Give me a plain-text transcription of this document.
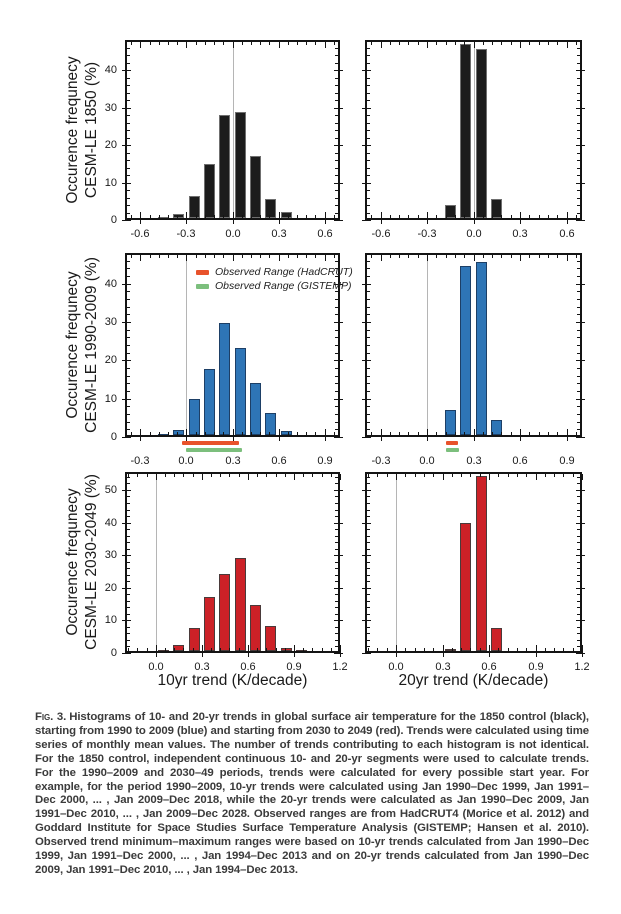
Occurence frequnecy CESM-LE 1850 (%)
Occurence frequnecy CESM-LE 1990-2009 (%)
Occurence frequnecy CESM-LE 2030-2049 (%)
Observed Range (HadCRUT)
Observed Range (GISTEMP)
10yr trend (K/decade)	20yr trend (K/decade)
Fig. 3. Histograms of 10- and 20-yr trends in global surface air temperature for the 1850 control (black), starting from 1990 to 2009 (blue) and starting from 2030 to 2049 (red). Trends were calculated using time series of monthly mean values. The number of trends contributing to each histogram is not identical. For the 1850 control, independent continuous 10- and 20-yr segments were used to calculate trends. For the 1990–2009 and 2030–49 periods, trends were calculated for every possible start year. For example, for the period 1990–2009, 10-yr trends were calculated using Jan 1990–Dec 1999, Jan 1991–Dec 2000, ... , Jan 2009–Dec 2018, while the 20-yr trends were calculated as Jan 1990–Dec 2009, Jan 1991–Dec 2010, ... , Jan 2009–Dec 2028. Observed ranges are from HadCRUT4 (Morice et al. 2012) and Goddard Institute for Space Studies Surface Temperature Analysis (GISTEMP; Hansen et al. 2010). Observed trend minimum–maximum ranges were based on 10-yr trends calculated from Jan 1990–Dec 1999, Jan 1991–Dec 2000, ... , Jan 1994–Dec 2013 and on 20-yr trends calculated from Jan 1990–Dec 2009, Jan 1991–Dec 2010, ... , Jan 1994–Dec 2013.
-0.6	-0.3	0.0	0.3	0.6
0
10
20
30
40
-0.6	-0.3	0.0	0.3	0.6
-0.3	0.0	0.3	0.6	0.9
0
10
20
30
40
-0.3	0.0	0.3	0.6	0.9
0.0	0.3	0.6	0.9	1.2
0
10
20
30
40
50
0.0	0.3	0.6	0.9	1.2
